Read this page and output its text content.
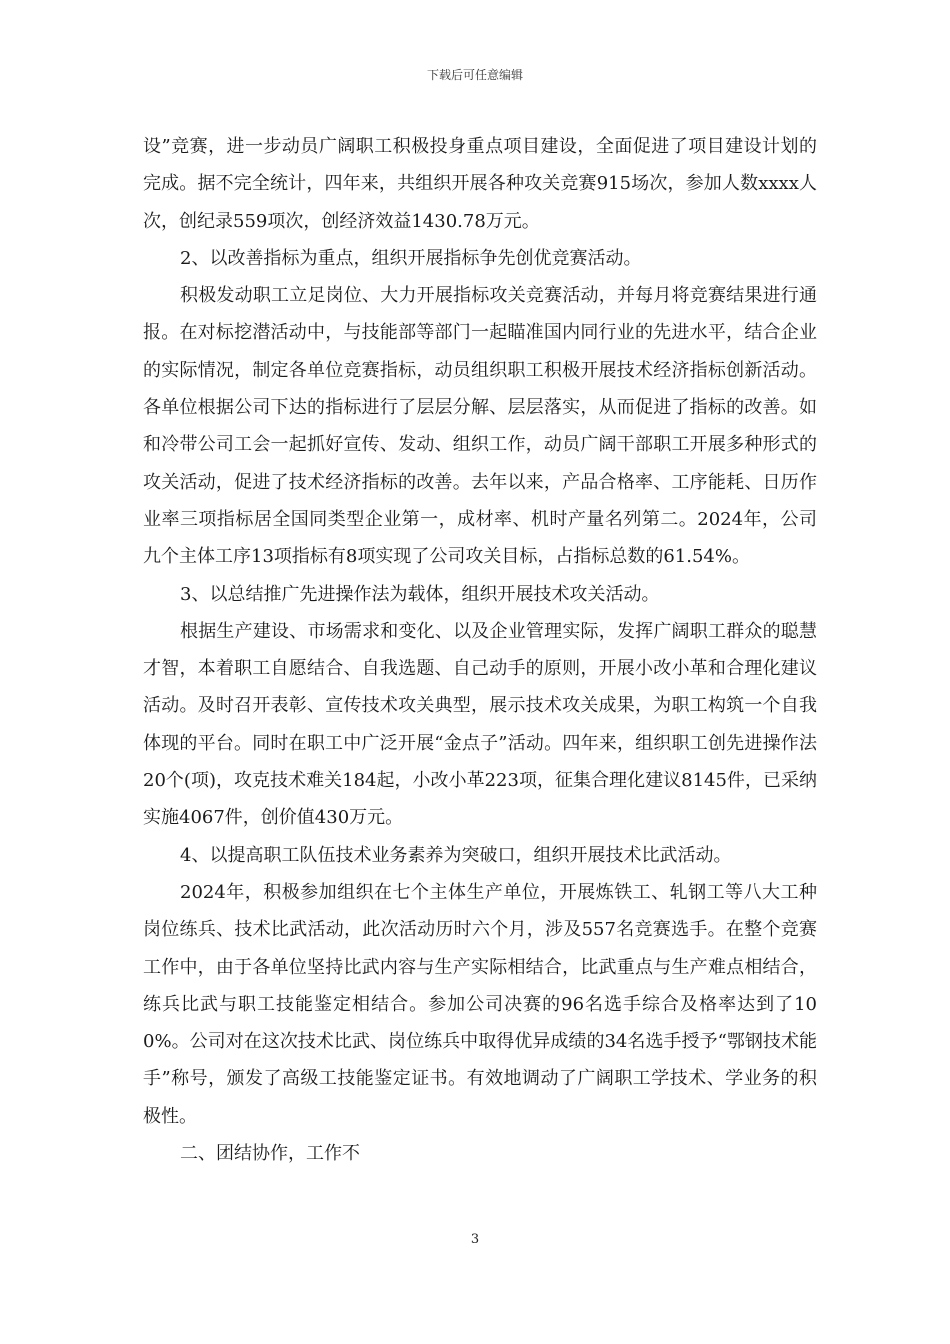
下载后可任意编辑

设”竞赛，进一步动员广阔职工积极投身重点项目建设，全面促进了项目建设计划的完成。据不完全统计，四年来，共组织开展各种攻关竞赛915场次，参加人数xxxx人次，创纪录559项次，创经济效益1430.78万元。

2、以改善指标为重点，组织开展指标争先创优竞赛活动。

积极发动职工立足岗位、大力开展指标攻关竞赛活动，并每月将竞赛结果进行通报。在对标挖潜活动中，与技能部等部门一起瞄准国内同行业的先进水平，结合企业的实际情况，制定各单位竞赛指标，动员组织职工积极开展技术经济指标创新活动。各单位根据公司下达的指标进行了层层分解、层层落实，从而促进了指标的改善。如和冷带公司工会一起抓好宣传、发动、组织工作，动员广阔干部职工开展多种形式的攻关活动，促进了技术经济指标的改善。去年以来，产品合格率、工序能耗、日历作业率三项指标居全国同类型企业第一，成材率、机时产量名列第二。2024年，公司九个主体工序13项指标有8项实现了公司攻关目标，占指标总数的61.54%。

3、以总结推广先进操作法为载体，组织开展技术攻关活动。

根据生产建设、市场需求和变化、以及企业管理实际，发挥广阔职工群众的聪慧才智，本着职工自愿结合、自我选题、自己动手的原则，开展小改小革和合理化建议活动。及时召开表彰、宣传技术攻关典型，展示技术攻关成果，为职工构筑一个自我体现的平台。同时在职工中广泛开展“金点子”活动。四年来，组织职工创先进操作法20个(项)，攻克技术难关184起，小改小革223项，征集合理化建议8145件，已采纳实施4067件，创价值430万元。

4、以提高职工队伍技术业务素养为突破口，组织开展技术比武活动。

2024年，积极参加组织在七个主体生产单位，开展炼铁工、轧钢工等八大工种岗位练兵、技术比武活动，此次活动历时六个月，涉及557名竞赛选手。在整个竞赛工作中，由于各单位坚持比武内容与生产实际相结合，比武重点与生产难点相结合，练兵比武与职工技能鉴定相结合。参加公司决赛的96名选手综合及格率达到了100%。公司对在这次技术比武、岗位练兵中取得优异成绩的34名选手授予“鄂钢技术能手”称号，颁发了高级工技能鉴定证书。有效地调动了广阔职工学技术、学业务的积极性。

二、团结协作，工作不

3
